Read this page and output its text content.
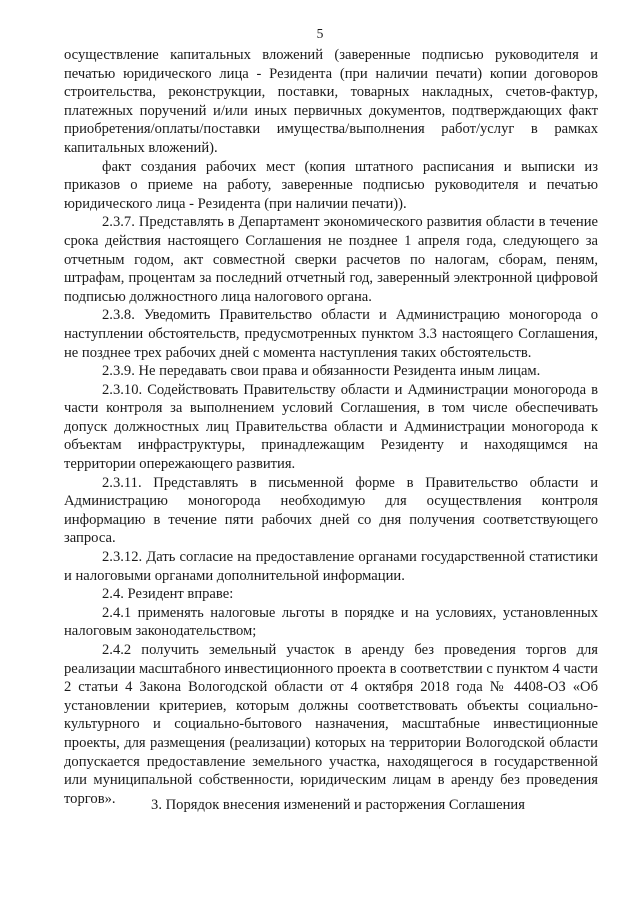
5

осуществление капитальных вложений (заверенные подписью руководителя и печатью юридического лица - Резидента (при наличии печати) копии договоров строительства, реконструкции, поставки, товарных накладных, счетов-фактур, платежных поручений и/или иных первичных документов, подтверждающих факт приобретения/оплаты/поставки имущества/выполнения работ/услуг в рамках капитальных вложений).

факт создания рабочих мест (копия штатного расписания и выписки из приказов о приеме на работу, заверенные подписью руководителя и печатью юридического лица - Резидента (при наличии печати)).

2.3.7. Представлять в Департамент экономического развития области в течение срока действия настоящего Соглашения не позднее 1 апреля года, следующего за отчетным годом, акт совместной сверки расчетов по налогам, сборам, пеням, штрафам, процентам за последний отчетный год, заверенный электронной цифровой подписью должностного лица налогового органа.

2.3.8. Уведомить Правительство области и Администрацию моногорода о наступлении обстоятельств, предусмотренных пунктом 3.3 настоящего Соглашения, не позднее трех рабочих дней с момента наступления таких обстоятельств.

2.3.9. Не передавать свои права и обязанности Резидента иным лицам.

2.3.10. Содействовать Правительству области и Администрации моногорода в части контроля за выполнением условий Соглашения, в том числе обеспечивать допуск должностных лиц Правительства области и Администрации моногорода к объектам инфраструктуры, принадлежащим Резиденту и находящимся на территории опережающего развития.

2.3.11. Представлять в письменной форме в Правительство области и Администрацию моногорода необходимую для осуществления контроля информацию в течение пяти рабочих дней со дня получения соответствующего запроса.

2.3.12. Дать согласие на предоставление органами государственной статистики и налоговыми органами дополнительной информации.

2.4. Резидент вправе:

2.4.1 применять налоговые льготы в порядке и на условиях, установленных налоговым законодательством;

2.4.2 получить земельный участок в аренду без проведения торгов для реализации масштабного инвестиционного проекта в соответствии с пунктом 4 части 2 статьи 4 Закона Вологодской области от 4 октября 2018 года № 4408-ОЗ «Об установлении критериев, которым должны соответствовать объекты социально-культурного и социально-бытового назначения, масштабные инвестиционные проекты, для размещения (реализации) которых на территории Вологодской области допускается предоставление земельного участка, находящегося в государственной или муниципальной собственности, юридическим лицам в аренду без проведения торгов».	3. Порядок внесения изменений и расторжения Соглашения
